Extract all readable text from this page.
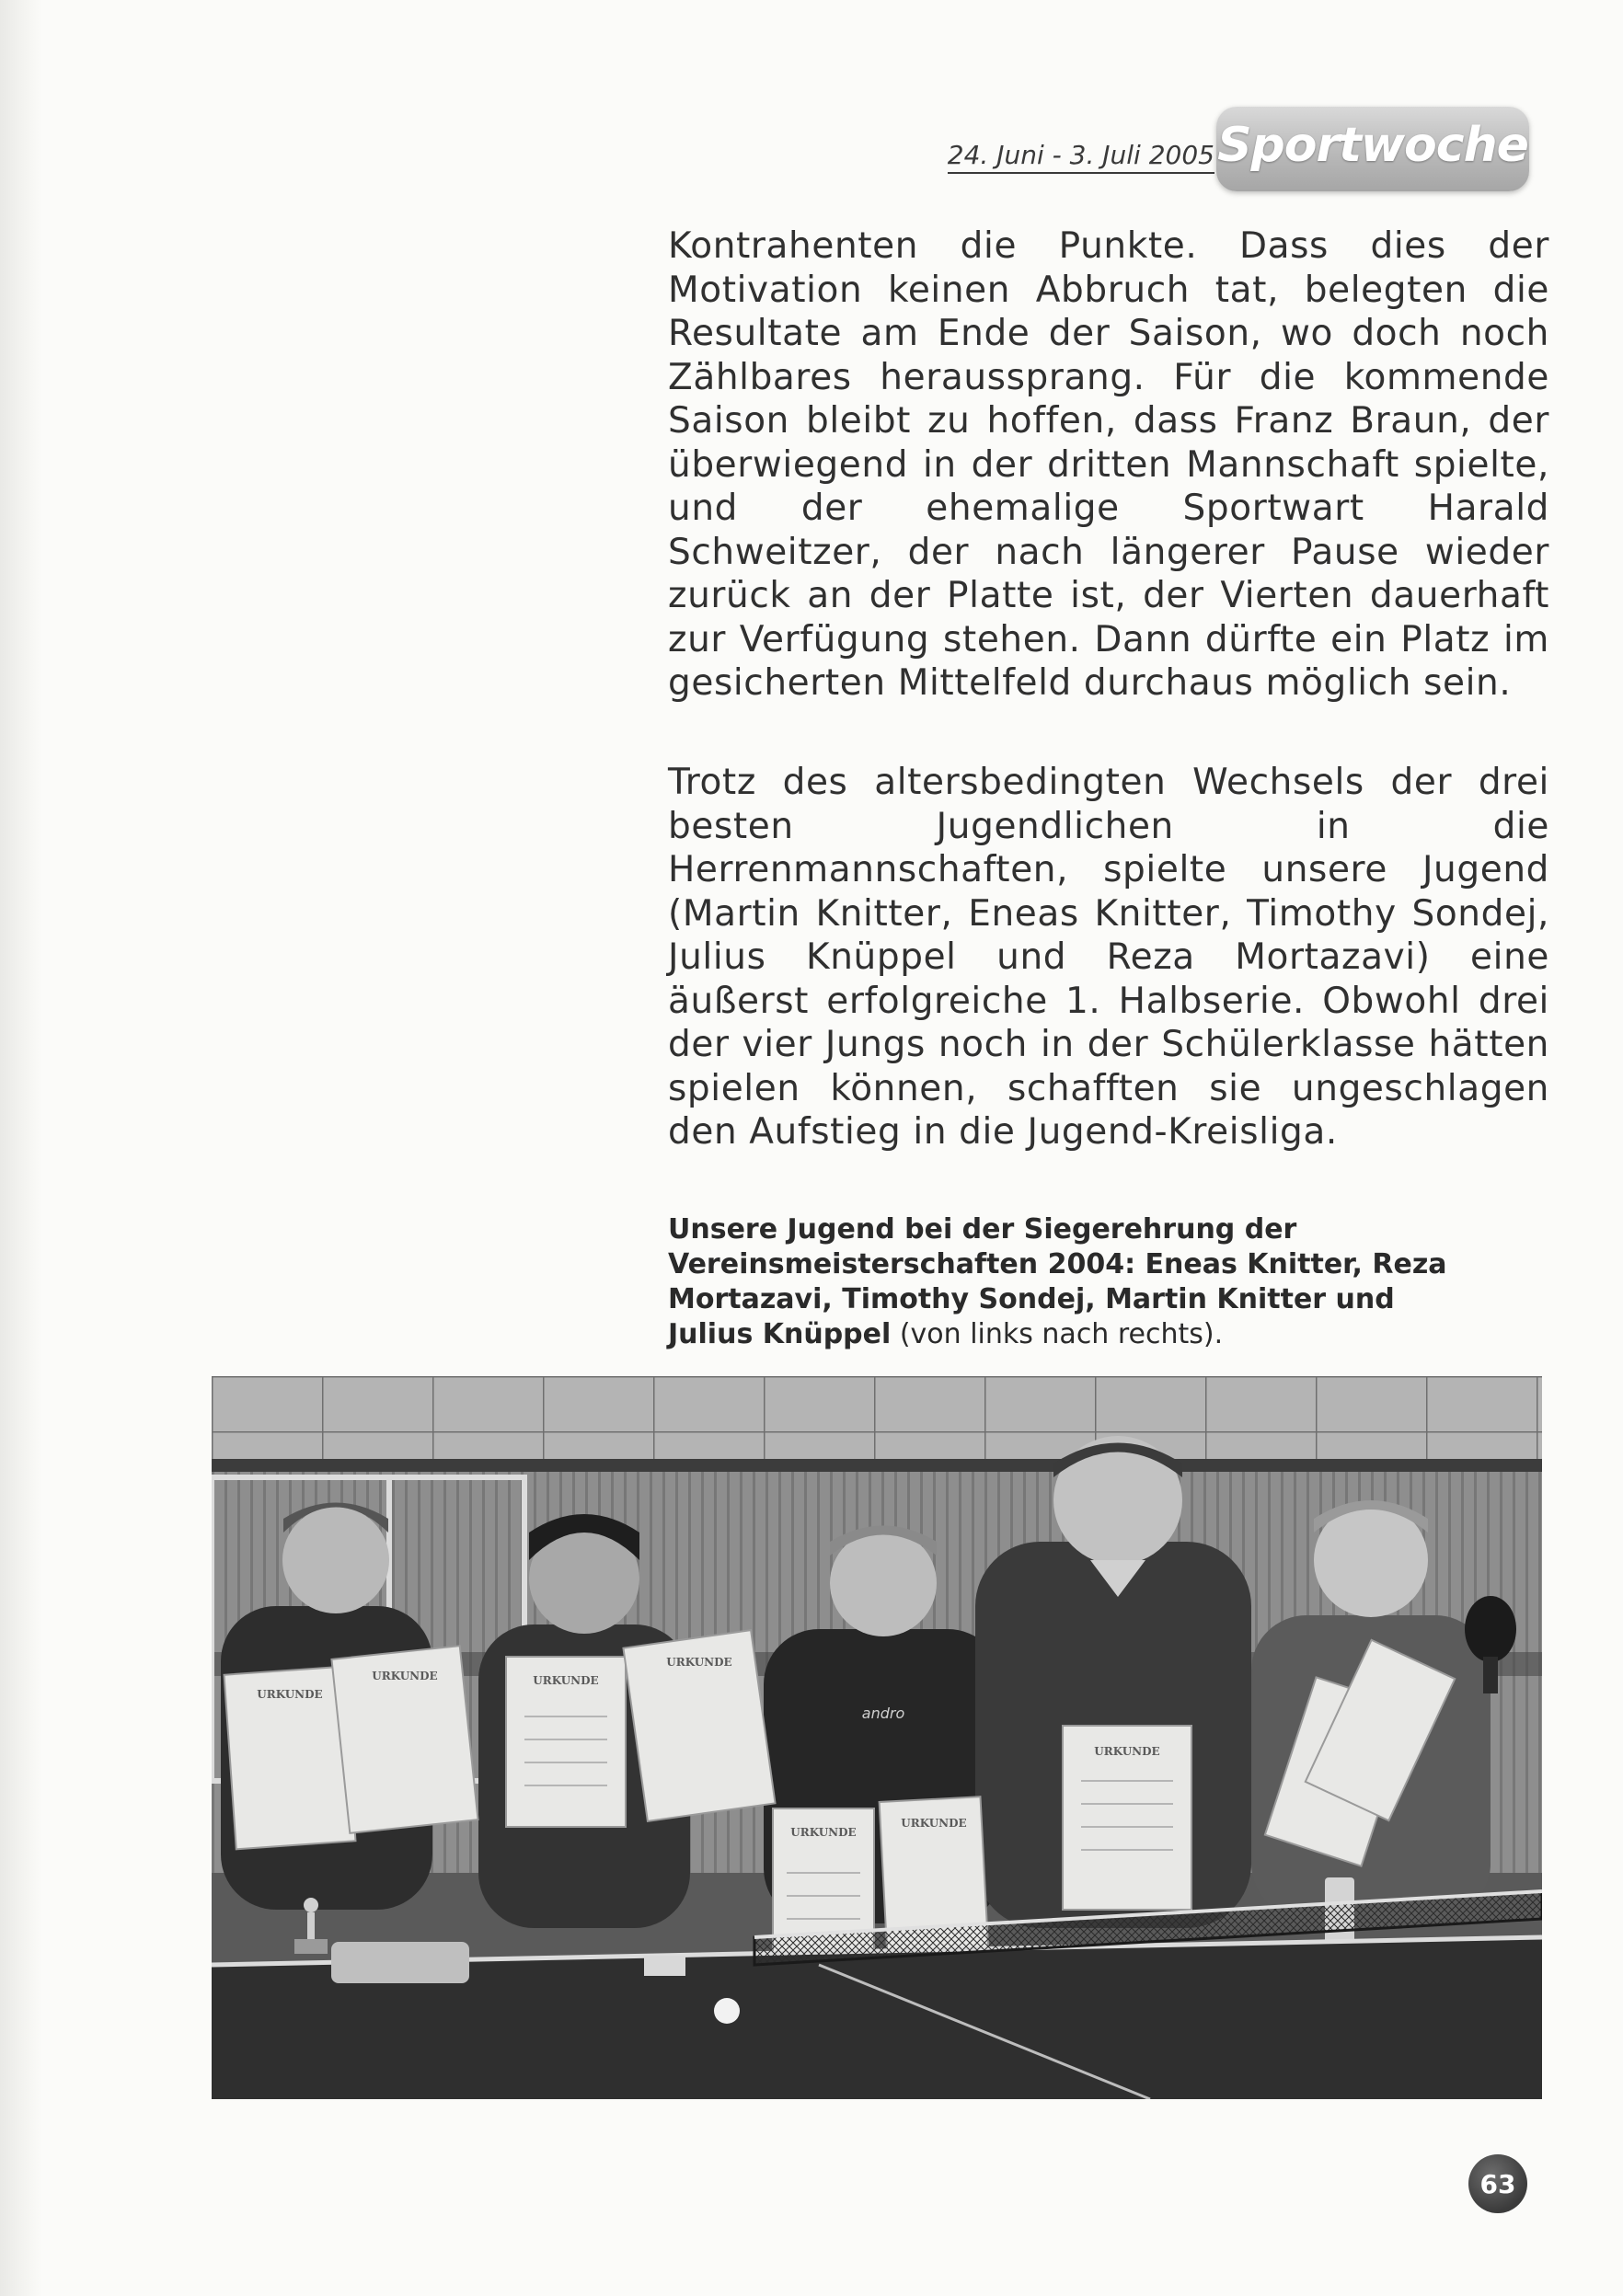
24. Juni - 3. Juli 2005 Sportwoche

Kontrahenten die Punkte. Dass dies der Motivation keinen Abbruch tat, belegten die Resultate am Ende der Saison, wo doch noch Zählbares heraussprang. Für die kommende Saison bleibt zu hoffen, dass Franz Braun, der überwiegend in der dritten Mannschaft spielte, und der ehemalige Sportwart Harald Schweitzer, der nach längerer Pause wieder zurück an der Platte ist, der Vierten dauerhaft zur Verfügung stehen. Dann dürfte ein Platz im gesicherten Mittelfeld durchaus möglich sein.

Trotz des altersbedingten Wechsels der drei besten Jugendlichen in die Herrenmannschaften, spielte unsere Jugend (Martin Knitter, Eneas Knitter, Timothy Sondej, Julius Knüppel und Reza Mortazavi) eine äußerst erfolgreiche 1. Halbserie. Obwohl drei der vier Jungs noch in der Schülerklasse hätten spielen können, schafften sie ungeschlagen den Aufstieg in die Jugend-Kreisliga.

Unsere Jugend bei der Siegerehrung der Vereinsmeisterschaften 2004: Eneas Knitter, Reza Mortazavi, Timothy Sondej, Martin Knitter und Julius Knüppel (von links nach rechts).
URKUNDE
URKUNDE	URKUNDE
URKUNDE
URKUNDE
URKUNDE
URKUNDE
andro
63
